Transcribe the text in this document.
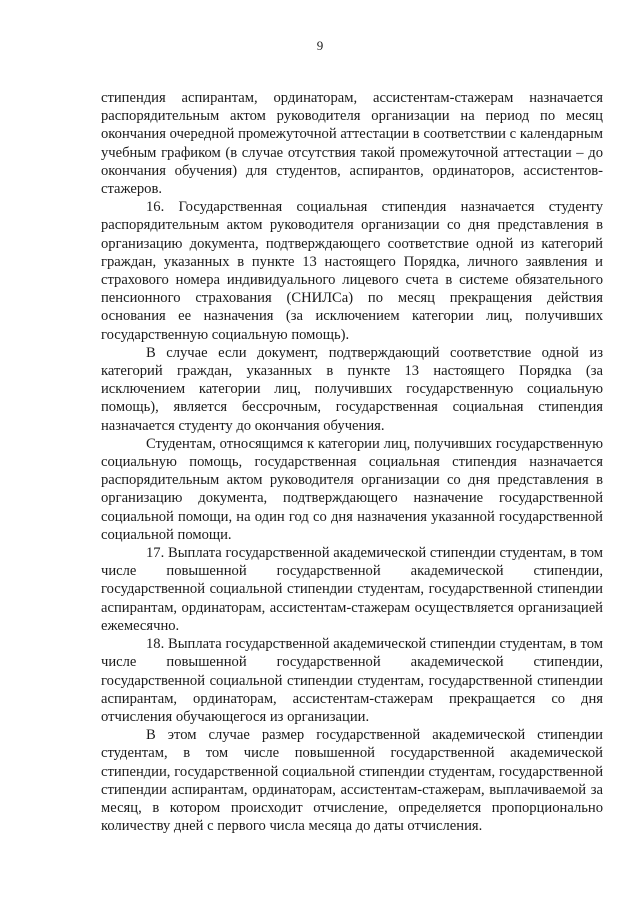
9

стипендия аспирантам, ординаторам, ассистентам-стажерам назначается распорядительным актом руководителя организации на период по месяц окончания очередной промежуточной аттестации в соответствии с календарным учебным графиком (в случае отсутствия такой промежуточной аттестации – до окончания обучения) для студентов, аспирантов, ординаторов, ассистентов-стажеров.

16. Государственная социальная стипендия назначается студенту распорядительным актом руководителя организации со дня представления в организацию документа, подтверждающего соответствие одной из категорий граждан, указанных в пункте 13 настоящего Порядка, личного заявления и страхового номера индивидуального лицевого счета в системе обязательного пенсионного страхования (СНИЛСа) по месяц прекращения действия основания ее назначения (за исключением категории лиц, получивших государственную социальную помощь).

В случае если документ, подтверждающий соответствие одной из категорий граждан, указанных в пункте 13 настоящего Порядка (за исключением категории лиц, получивших государственную социальную помощь), является бессрочным, государственная социальная стипендия назначается студенту до окончания обучения.

Студентам, относящимся к категории лиц, получивших государственную социальную помощь, государственная социальная стипендия назначается распорядительным актом руководителя организации со дня представления в организацию документа, подтверждающего назначение государственной социальной помощи, на один год со дня назначения указанной государственной социальной помощи.

17. Выплата государственной академической стипендии студентам, в том числе повышенной государственной академической стипендии, государственной социальной стипендии студентам, государственной стипендии аспирантам, ординаторам, ассистентам-стажерам осуществляется организацией ежемесячно.

18. Выплата государственной академической стипендии студентам, в том числе повышенной государственной академической стипендии, государственной социальной стипендии студентам, государственной стипендии аспирантам, ординаторам, ассистентам-стажерам прекращается со дня отчисления обучающегося из организации.

В этом случае размер государственной академической стипендии студентам, в том числе повышенной государственной академической стипендии, государственной социальной стипендии студентам, государственной стипендии аспирантам, ординаторам, ассистентам-стажерам, выплачиваемой за месяц, в котором происходит отчисление, определяется пропорционально количеству дней с первого числа месяца до даты отчисления.
